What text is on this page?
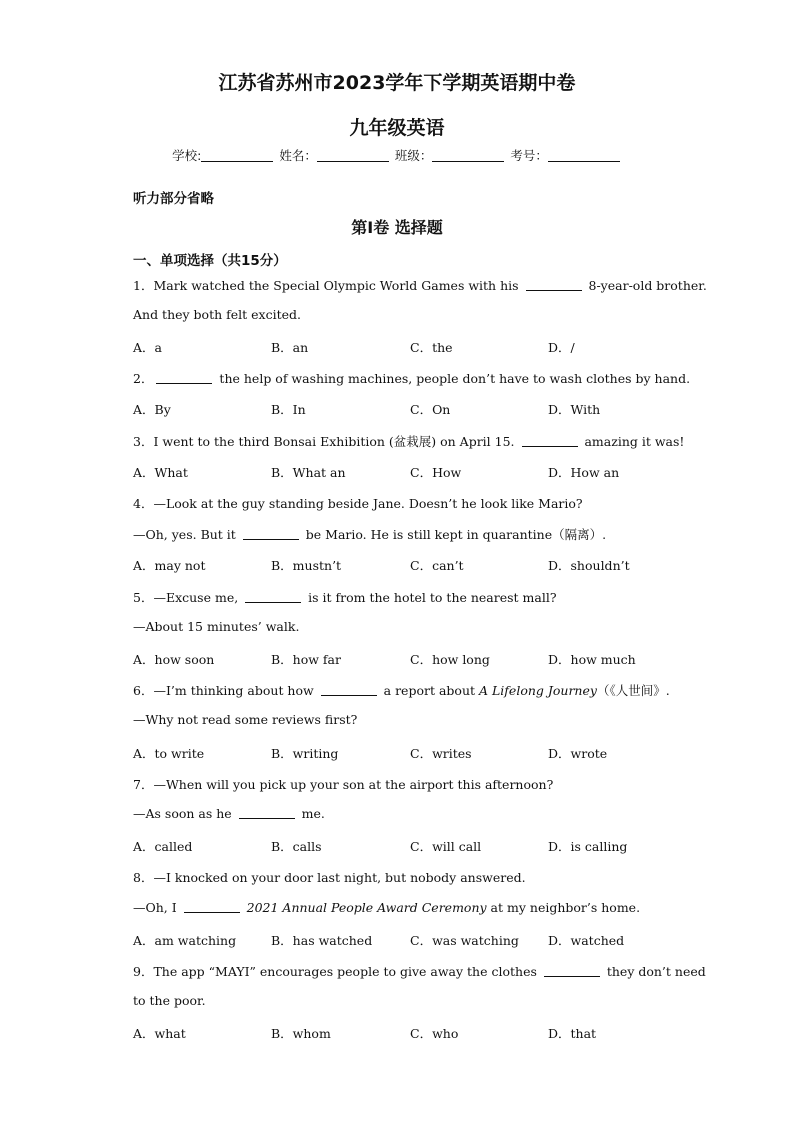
江苏省苏州市2023学年下学期英语期中卷
九年级英语
学校:	姓名：	班级：	考号：
听力部分省略
第Ⅰ卷 选择题
一、单项选择（共15分）
1．Mark watched the Special Olympic World Games with his	8-year-old brother.
And they both felt excited.
A．a	B．an	C．the	D．/
2．	the help of washing machines, people don’t have to wash clothes by hand.
A．By	B．In	C．On	D．With
3．I went to the third Bonsai Exhibition (盆栽展) on April 15.	amazing it was!
A．What	B．What an	C．How	D．How an
4．—Look at the guy standing beside Jane. Doesn’t he look like Mario?
—Oh, yes. But it	be Mario. He is still kept in quarantine（隔离）.
A．may not	B．mustn’t	C．can’t	D．shouldn’t
5．—Excuse me,	is it from the hotel to the nearest mall?
—About 15 minutes’ walk.
A．how soon	B．how far	C．how long	D．how much
6．—I’m thinking about how	a report about A Lifelong Journey（《人世间》.
—Why not read some reviews first?
A．to write	B．writing	C．writes	D．wrote
7．—When will you pick up your son at the airport this afternoon?
—As soon as he	me.
A．called	B．calls	C．will call	D．is calling
8．—I knocked on your door last night, but nobody answered.
—Oh, I	2021 Annual People Award Ceremony at my neighbor’s home.
A．am watching	B．has watched	C．was watching D．watched
9．The app “MAYI” encourages people to give away the clothes	they don’t need
to the poor.
A．what	B．whom	C．who	D．that
